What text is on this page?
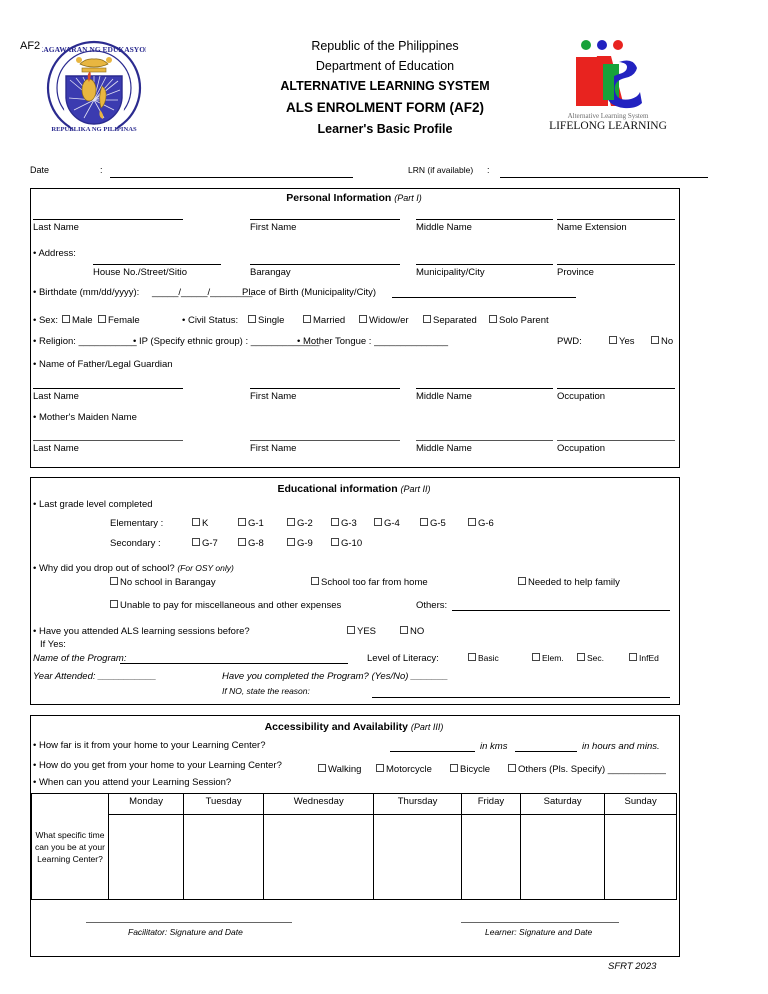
AF2
KAGAWARAN NG EDUKASYON
REPUBLIKA NG PILIPINAS
Republic of the Philippines
Department of Education
ALTERNATIVE LEARNING SYSTEM
ALS ENROLMENT FORM (AF2)
Learner's Basic Profile
Alternative Learning System
LIFELONG LEARNING
Date	:	LRN (if available) :
Personal Information (Part I)
Last Name	First Name	Middle Name	Name Extension
• Address:
House No./Street/Sitio	Barangay	Municipality/City	Province
• Birthdate (mm/dd/yyyy): _____/_____/________
Place of Birth (Municipality/City)
• Sex:	Male	Female	• Civil Status:	Single	Married	Widow/er	Separated	Solo Parent
• Religion: ___________
• IP (Specify ethnic group) : _____________
• Mother Tongue : ______________	PWD:	Yes	No
• Name of Father/Legal Guardian
Last Name	First Name	Middle Name	Occupation
• Mother's Maiden Name
Last Name	First Name	Middle Name	Occupation
Educational information (Part II)
• Last grade level completed
Elementary :	K	G-1	G-2	G-3	G-4	G-5	G-6
Secondary :	G-7	G-8	G-9	G-10
• Why did you drop out of school? (For OSY only)
No school in Barangay	School too far from home	Needed to help family
Unable to pay for miscellaneous and other expenses	Others:
• Have you attended ALS learning sessions before?	YES	NO
If Yes:
Name of the Program:	Level of Literacy:	Basic	Elem.	Sec.	InfEd
Year Attended: ___________	Have you completed the Program? (Yes/No) _______
If NO, state the reason:
Accessibility and Availability (Part III)
• How far is it from your home to your Learning Center?	in kms	in hours and mins.
• How do you get from your home to your Learning Center?	Walking	Motorcycle	Bicycle	Others (Pls. Specify) ___________
• When can you attend your Learning Session?
What specific time can you be at your Learning Center?	Monday	Tuesday	Wednesday	Thursday	Friday	Saturday	Sunday

Facilitator: Signature and Date	Learner: Signature and Date
SFRT 2023
